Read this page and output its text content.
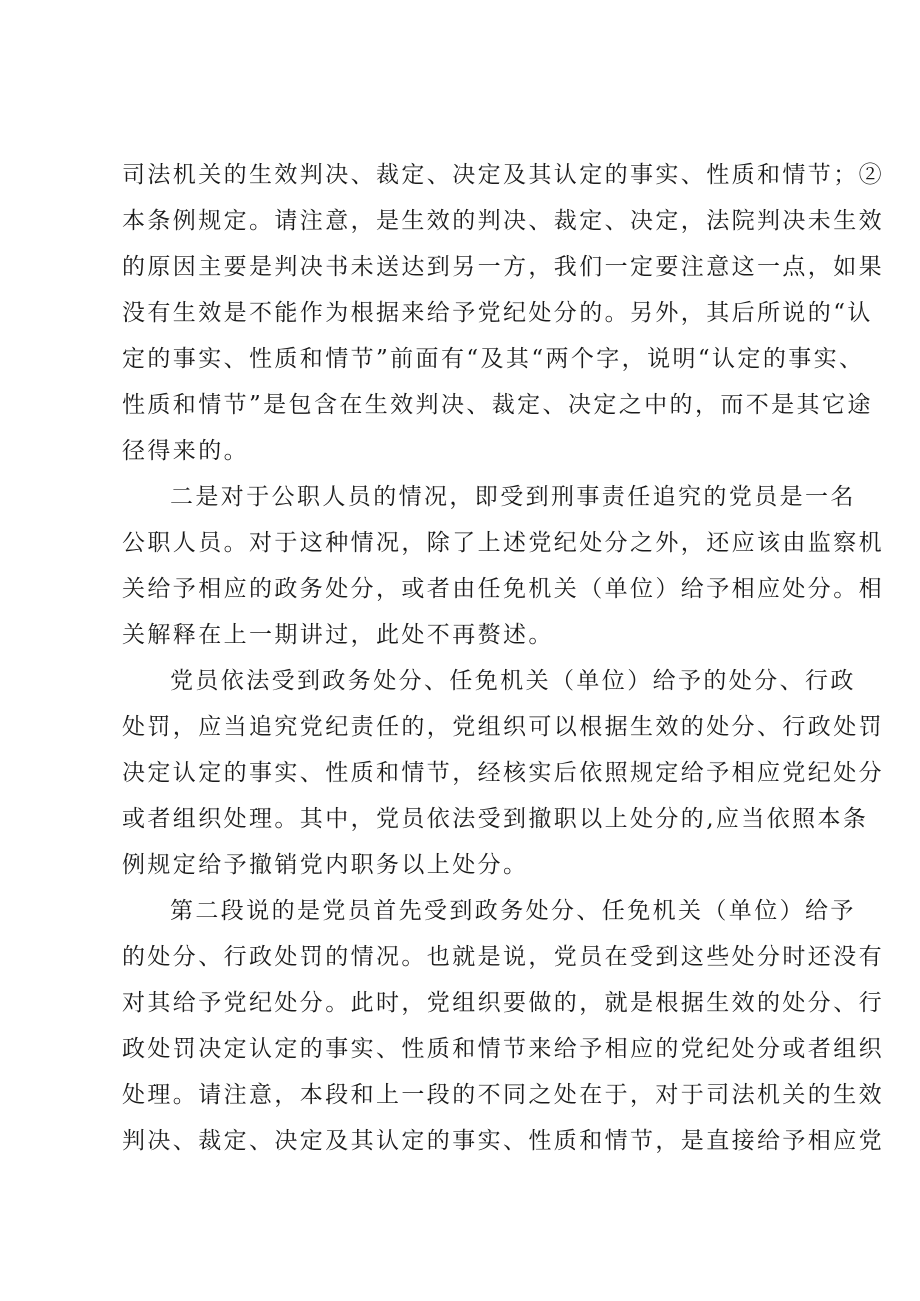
司法机关的生效判决、裁定、决定及其认定的事实、性质和情节；②
本条例规定。请注意，是生效的判决、裁定、决定，法院判决未生效
的原因主要是判决书未送达到另一方，我们一定要注意这一点，如果
没有生效是不能作为根据来给予党纪处分的。另外，其后所说的“认
定的事实、性质和情节”前面有“及其“两个字，说明“认定的事实、
性质和情节”是包含在生效判决、裁定、决定之中的，而不是其它途
径得来的。
二是对于公职人员的情况，即受到刑事责任追究的党员是一名
公职人员。对于这种情况，除了上述党纪处分之外，还应该由监察机
关给予相应的政务处分，或者由任免机关（单位）给予相应处分。相
关解释在上一期讲过，此处不再赘述。
党员依法受到政务处分、任免机关（单位）给予的处分、行政
处罚，应当追究党纪责任的，党组织可以根据生效的处分、行政处罚
决定认定的事实、性质和情节，经核实后依照规定给予相应党纪处分
或者组织处理。其中，党员依法受到撤职以上处分的,应当依照本条
例规定给予撤销党内职务以上处分。
第二段说的是党员首先受到政务处分、任免机关（单位）给予
的处分、行政处罚的情况。也就是说，党员在受到这些处分时还没有
对其给予党纪处分。此时，党组织要做的，就是根据生效的处分、行
政处罚决定认定的事实、性质和情节来给予相应的党纪处分或者组织
处理。请注意，本段和上一段的不同之处在于，对于司法机关的生效
判决、裁定、决定及其认定的事实、性质和情节，是直接给予相应党
